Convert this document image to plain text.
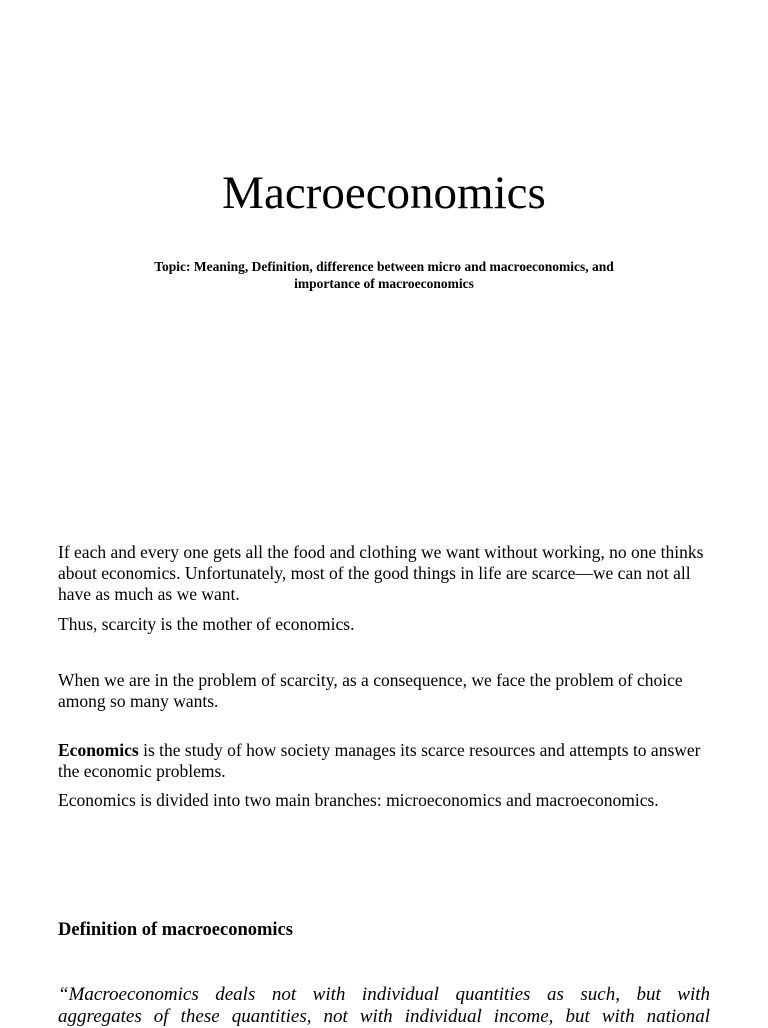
Macroeconomics
Topic: Meaning, Definition, difference between micro and macroeconomics, and
importance of macroeconomics

If each and every one gets all the food and clothing we want without working, no one thinks about economics. Unfortunately, most of the good things in life are scarce—we can not all have as much as we want.

Thus, scarcity is the mother of economics.

When we are in the problem of scarcity, as a consequence, we face the problem of choice among so many wants.

Economics is the study of how society manages its scarce resources and attempts to answer the economic problems.

Economics is divided into two main branches: microeconomics and macroeconomics.

Definition of macroeconomics
“Macroeconomics deals not with individual quantities as such, but with
aggregates of these quantities, not with individual income, but with national
